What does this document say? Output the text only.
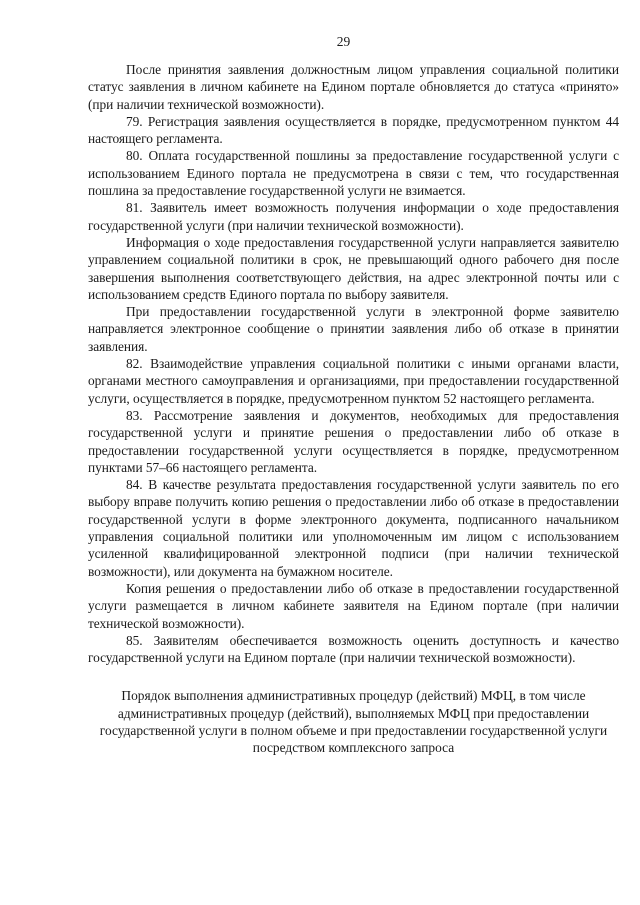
29

После принятия заявления должностным лицом управления социальной политики статус заявления в личном кабинете на Едином портале обновляется до статуса «принято» (при наличии технической возможности).

79. Регистрация заявления осуществляется в порядке, предусмотренном пунктом 44 настоящего регламента.

80. Оплата государственной пошлины за предоставление государственной услуги с использованием Единого портала не предусмотрена в связи с тем, что государственная пошлина за предоставление государственной услуги не взимается.

81. Заявитель имеет возможность получения информации о ходе предоставления государственной услуги (при наличии технической возможности).

Информация о ходе предоставления государственной услуги направляется заявителю управлением социальной политики в срок, не превышающий одного рабочего дня после завершения выполнения соответствующего действия, на адрес электронной почты или с использованием средств Единого портала по выбору заявителя.

При предоставлении государственной услуги в электронной форме заявителю направляется электронное сообщение о принятии заявления либо об отказе в принятии заявления.

82. Взаимодействие управления социальной политики с иными органами власти, органами местного самоуправления и организациями, при предоставлении государственной услуги, осуществляется в порядке, предусмотренном пунктом 52 настоящего регламента.

83. Рассмотрение заявления и документов, необходимых для предоставления государственной услуги и принятие решения о предоставлении либо об отказе в предоставлении государственной услуги осуществляется в порядке, предусмотренном пунктами 57–66 настоящего регламента.

84. В качестве результата предоставления государственной услуги заявитель по его выбору вправе получить копию решения о предоставлении либо об отказе в предоставлении государственной услуги в форме электронного документа, подписанного начальником управления социальной политики или уполномоченным им лицом с использованием усиленной квалифицированной электронной подписи (при наличии технической возможности), или документа на бумажном носителе.

Копия решения о предоставлении либо об отказе в предоставлении государственной услуги размещается в личном кабинете заявителя на Едином портале (при наличии технической возможности).

85. Заявителям обеспечивается возможность оценить доступность и качество государственной услуги на Едином портале (при наличии технической возможности).

Порядок выполнения административных процедур (действий) МФЦ, в том числе административных процедур (действий), выполняемых МФЦ при предоставлении государственной услуги в полном объеме и при предоставлении государственной услуги посредством комплексного запроса
